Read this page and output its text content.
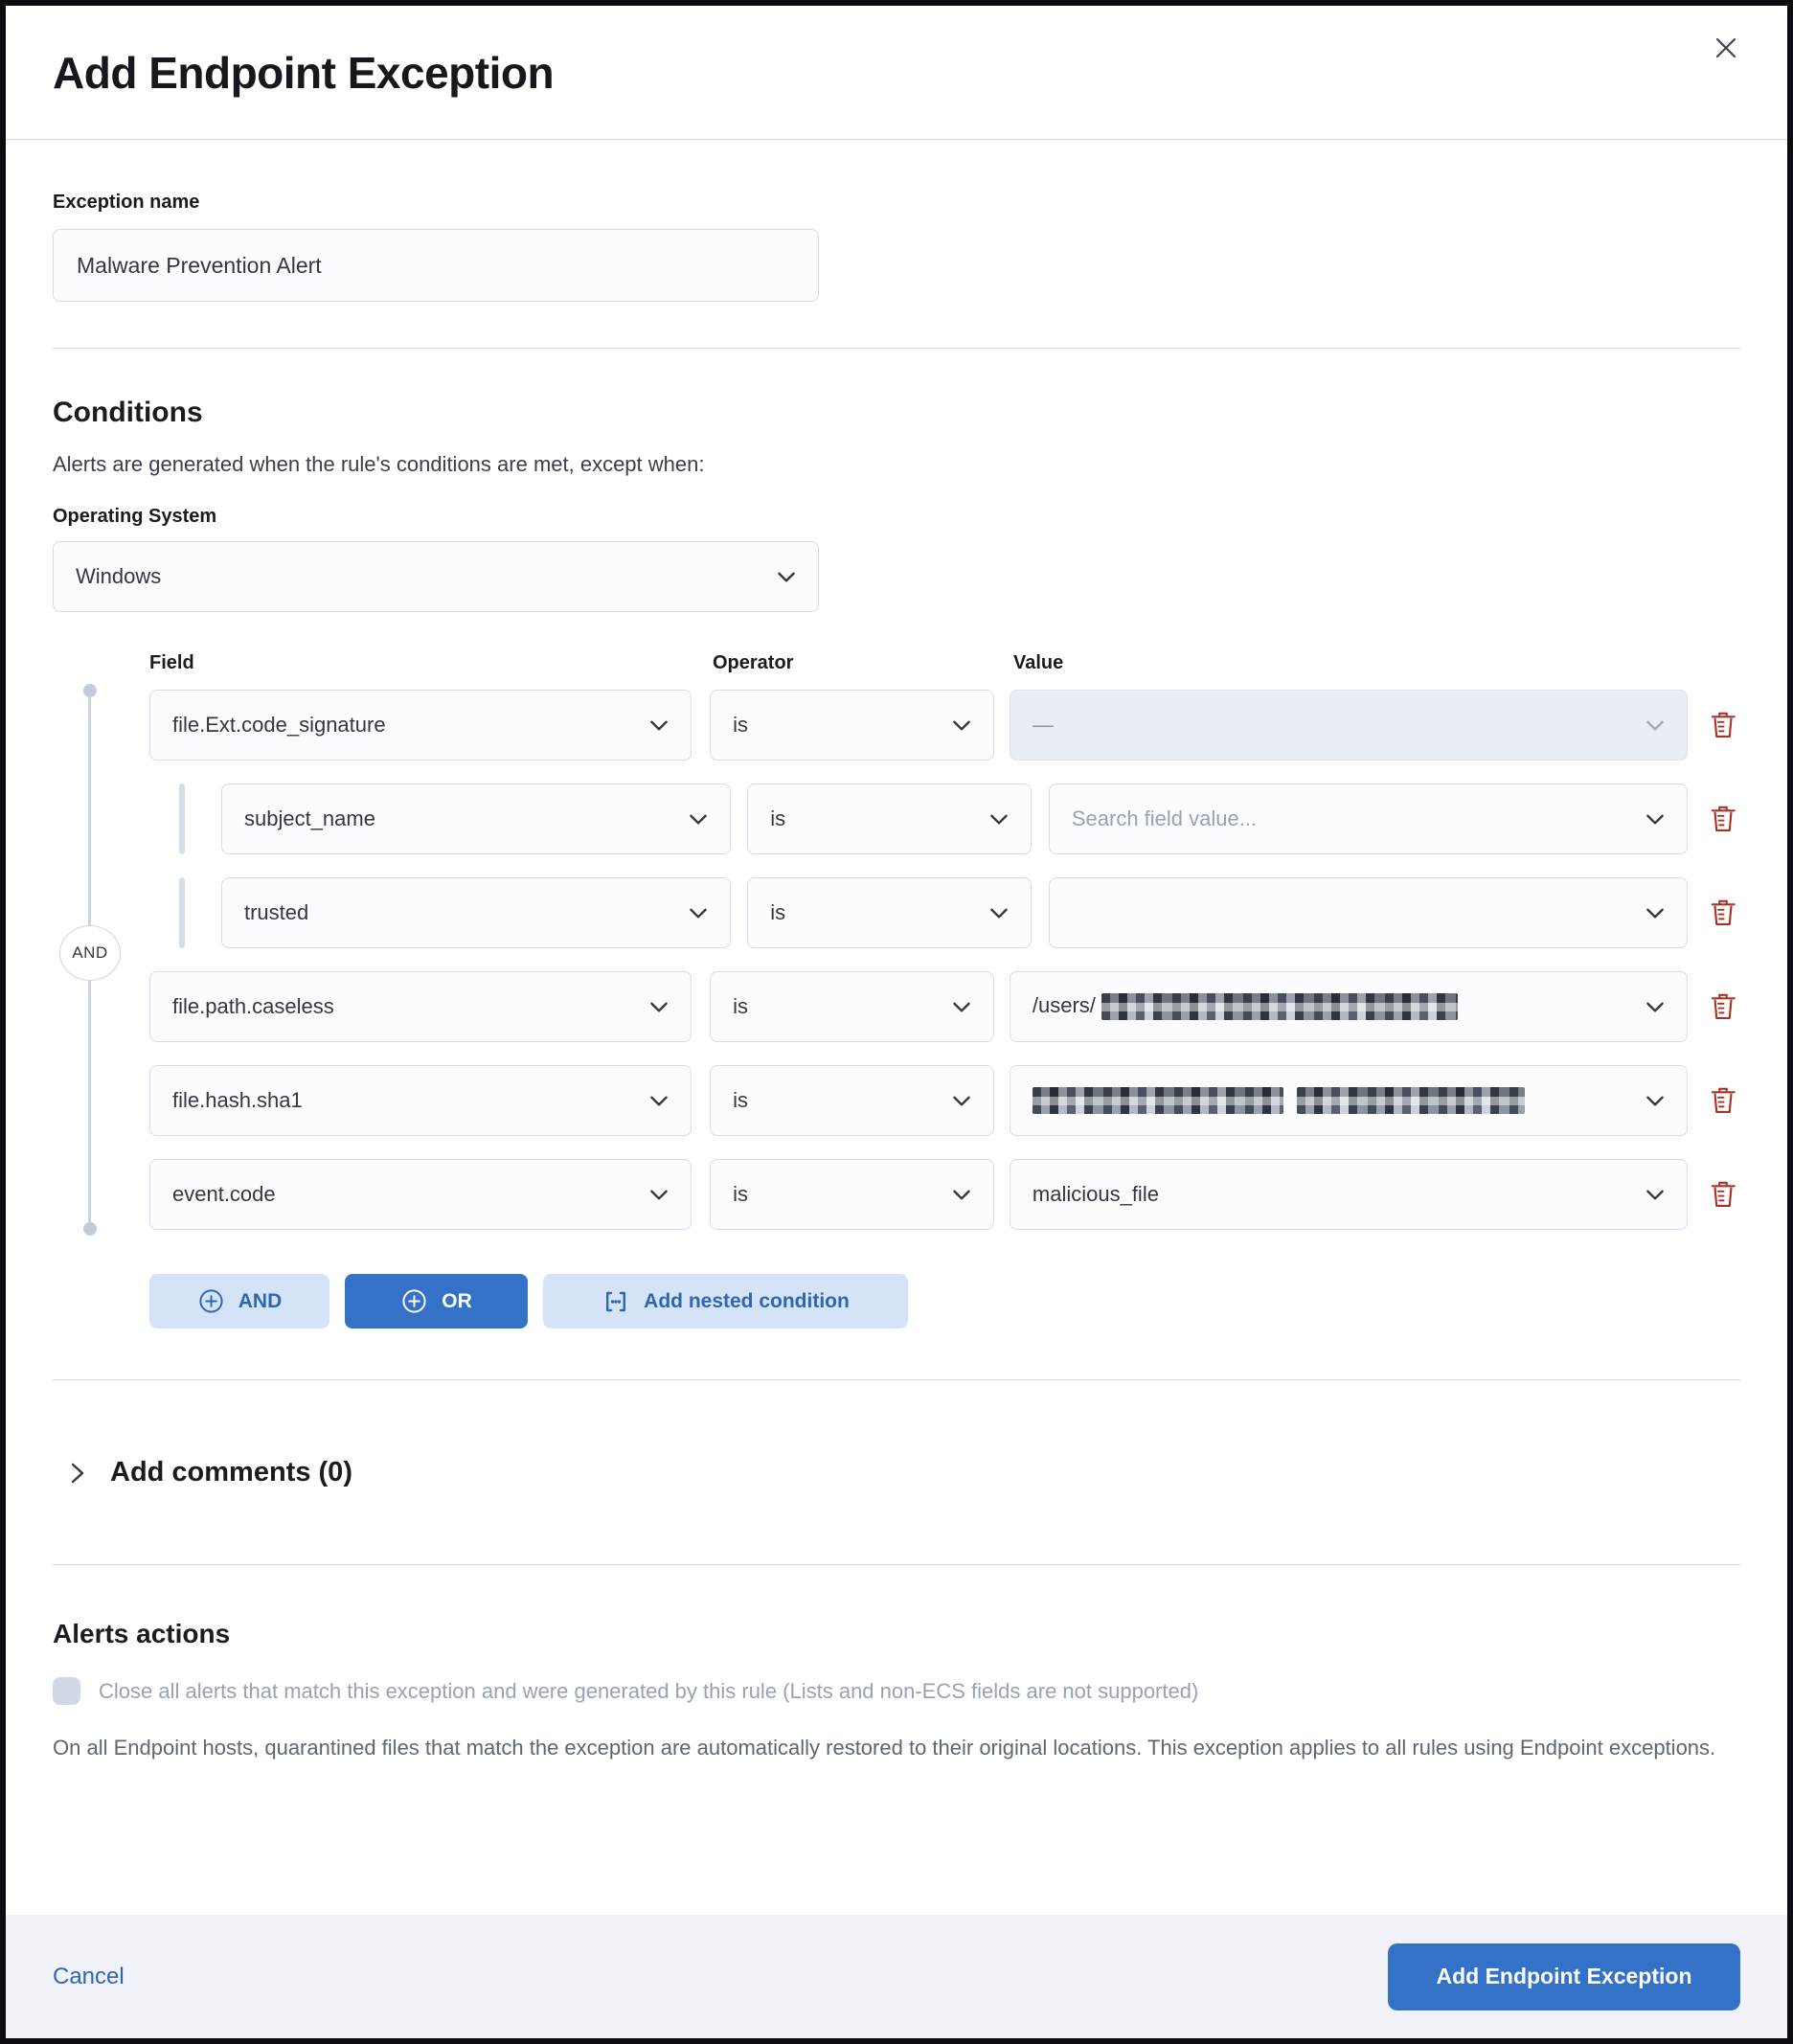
Add Endpoint Exception
Exception name
Malware Prevention Alert
Conditions

Alerts are generated when the rule's conditions are met, except when:

Operating System
Windows
AND
Field	Operator	Value
file.Ext.code_signature	is	—
subject_name	is	Search field value...
trusted	is
file.path.caseless	is	/users/
file.hash.sha1	is
event.code	is	malicious_file
AND	OR	Add nested condition
Add comments (0)
Alerts actions
Close all alerts that match this exception and were generated by this rule (Lists and non-ECS fields are not supported)

On all Endpoint hosts, quarantined files that match the exception are automatically restored to their original locations. This exception applies to all rules using Endpoint exceptions.

Cancel	Add Endpoint Exception
